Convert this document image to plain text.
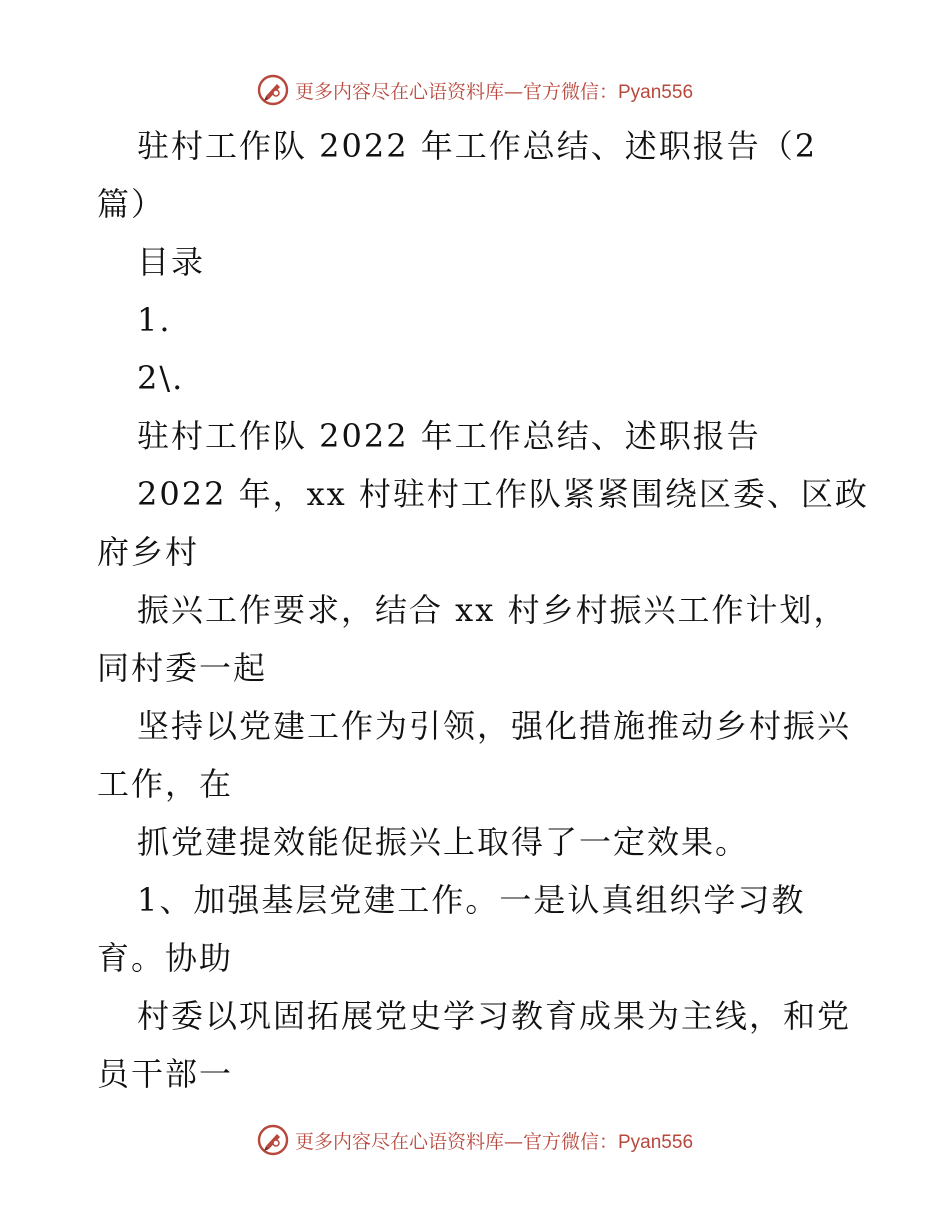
更多内容尽在心语资料库—官方微信：Pyan556
驻村工作队 2022 年工作总结、述职报告（2
篇）
目录
1.
2\.
驻村工作队 2022 年工作总结、述职报告
2022 年，xx 村驻村工作队紧紧围绕区委、区政
府乡村
振兴工作要求，结合 xx 村乡村振兴工作计划，
同村委一起
坚持以党建工作为引领，强化措施推动乡村振兴
工作，在
抓党建提效能促振兴上取得了一定效果。
1、加强基层党建工作。一是认真组织学习教
育。协助
村委以巩固拓展党史学习教育成果为主线，和党
员干部一
更多内容尽在心语资料库—官方微信：Pyan556
